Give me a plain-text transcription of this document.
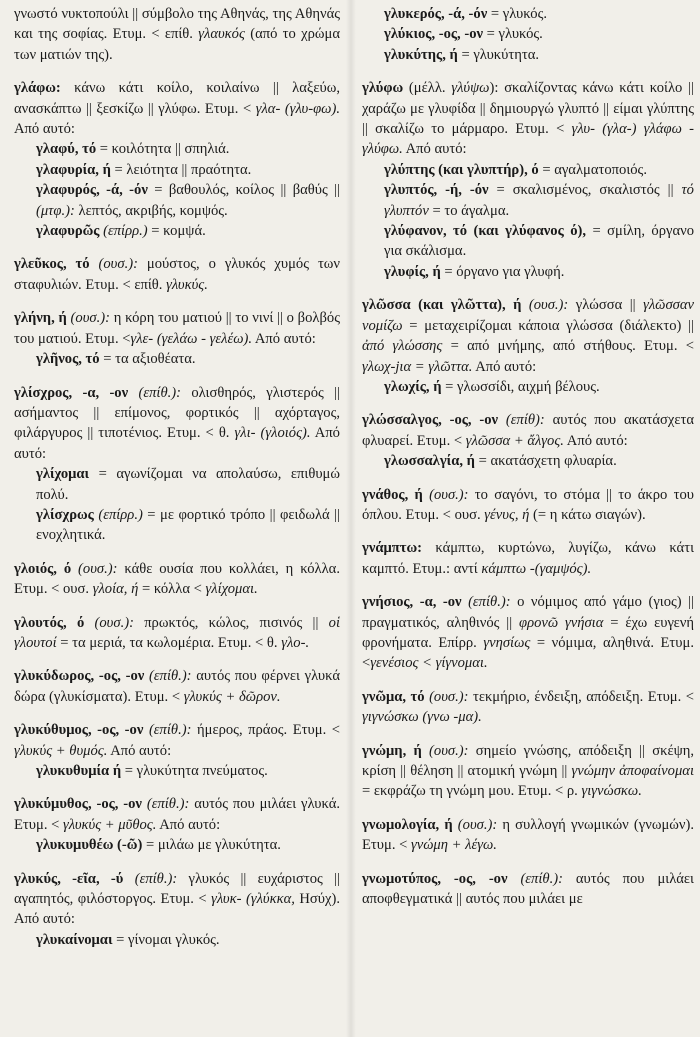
γνωστό νυκτοπούλι || σύμβολο της Αθηνάς, της Αθηνάς και της σοφίας. Ετυμ. < επίθ. γλαυκός (από το χρώμα των ματιών της).

γλάφω: κάνω κάτι κοίλο, κοιλαίνω || λαξεύω, ανασκάπτω || ξεσκίζω || γλύφω. Ετυμ. < γλα- (γλυ-φω). Από αυτό:

γλαφύ, τό = κοιλότητα || σπηλιά.

γλαφυρία, ή = λειότητα || πραότητα.

γλαφυρός, -ά, -όν = βαθουλός, κοίλος || βαθύς || (μτφ.): λεπτός, ακριβής, κομψός.

γλαφυρῶς (επίρρ.) = κομψά.

γλεῦκος, τό (ουσ.): μούστος, ο γλυκός χυμός των σταφυλιών. Ετυμ. < επίθ. γλυκύς.

γλήνη, ή (ουσ.): η κόρη του ματιού || το νινί || ο βολβός του ματιού. Ετυμ. <γλε- (γελάω - γελέω). Από αυτό:

γλῆνος, τό = τα αξιοθέατα.

γλίσχρος, -α, -ον (επίθ.): ολισθηρός, γλιστερός || ασήμαντος || επίμονος, φορτικός || αχόρταγος, φιλάργυρος || τιποτένιος. Ετυμ. < θ. γλι- (γλοιός). Από αυτό:

γλίχομαι = αγωνίζομαι να απολαύσω, επιθυμώ πολύ.

γλίσχρως (επίρρ.) = με φορτικό τρόπο || φειδωλά || ενοχλητικά.

γλοιός, ό (ουσ.): κάθε ουσία που κολλάει, η κόλλα. Ετυμ. < ουσ. γλοία, ή = κόλλα < γλίχομαι.

γλουτός, ό (ουσ.): πρωκτός, κώλος, πισινός || οἱ γλουτοί = τα μεριά, τα κωλομέρια. Ετυμ. < θ. γλο-.

γλυκύδωρος, -ος, -ον (επίθ.): αυτός που φέρνει γλυκά δώρα (γλυκίσματα). Ετυμ. < γλυκύς + δῶρον.

γλυκύθυμος, -ος, -ον (επίθ.): ήμερος, πράος. Ετυμ. < γλυκύς + θυμός. Από αυτό:

γλυκυθυμία ή = γλυκύτητα πνεύματος.

γλυκύμυθος, -ος, -ον (επίθ.): αυτός που μιλάει γλυκά. Ετυμ. < γλυκύς + μῦθος. Από αυτό:

γλυκυμυθέω (-ῶ) = μιλάω με γλυκύτητα.

γλυκύς, -εῖα, -ύ (επίθ.): γλυκός || ευχάριστος || αγαπητός, φιλόστοργος. Ετυμ. < γλυκ- (γλύκκα, Ησύχ). Από αυτό:

γλυκαίνομαι = γίνομαι γλυκός.

γλυκερός, -ά, -όν = γλυκός.

γλύκιος, -ος, -ον = γλυκός.

γλυκύτης, ή = γλυκύτητα.

γλύφω (μέλλ. γλύψω): σκαλίζοντας κάνω κάτι κοίλο || χαράζω με γλυφίδα || δημιουργώ γλυπτό || είμαι γλύπτης || σκαλίζω το μάρμαρο. Ετυμ. < γλυ- (γλα-) γλάφω - γλύφω. Από αυτό:

γλύπτης (και γλυπτήρ), ό = αγαλματοποιός.

γλυπτός, -ή, -όν = σκαλισμένος, σκαλιστός || τό γλυπτόν = το άγαλμα.

γλύφανον, τό (και γλύφανος ό), = σμίλη, όργανο για σκάλισμα.

γλυφίς, ή = όργανο για γλυφή.

γλῶσσα (και γλῶττα), ή (ουσ.): γλώσσα || γλῶσσαν νομίζω = μεταχειρίζομαι κάποια γλώσσα (διάλεκτο) || ἀπό γλώσσης = από μνήμης, από στήθους. Ετυμ. < γλωχ-jια = γλῶττα. Από αυτό:

γλωχίς, ή = γλωσσίδι, αιχμή βέλους.

γλώσσαλγος, -ος, -ον (επίθ): αυτός που ακατάσχετα φλυαρεί. Ετυμ. < γλῶσσα + ἄλγος. Από αυτό:

γλωσσαλγία, ή = ακατάσχετη φλυαρία.

γνάθος, ή (ουσ.): το σαγόνι, το στόμα || το άκρο του όπλου. Ετυμ. < ουσ. γένυς, ή (= η κάτω σιαγών).

γνάμπτω: κάμπτω, κυρτώνω, λυγίζω, κάνω κάτι καμπτό. Ετυμ.: αντί κάμπτω -(γαμψός).

γνήσιος, -α, -ον (επίθ.): ο νόμιμος από γάμο (γιος) || πραγματικός, αληθινός || φρονῶ γνήσια = έχω ευγενή φρονήματα. Επίρρ. γνησίως = νόμιμα, αληθινά. Ετυμ. <γενέσιος < γίγνομαι.

γνῶμα, τό (ουσ.): τεκμήριο, ένδειξη, απόδειξη. Ετυμ. < γιγνώσκω (γνω -μα).

γνώμη, ή (ουσ.): σημείο γνώσης, απόδειξη || σκέψη, κρίση || θέληση || ατομική γνώμη || γνώμην ἀποφαίνομαι = εκφράζω τη γνώμη μου. Ετυμ. < ρ. γιγνώσκω.

γνωμολογία, ή (ουσ.): η συλλογή γνωμικών (γνωμών). Ετυμ. < γνώμη + λέγω.

γνωμοτύπος, -ος, -ον (επίθ.): αυτός που μιλάει αποφθεγματικά || αυτός που μιλάει με
